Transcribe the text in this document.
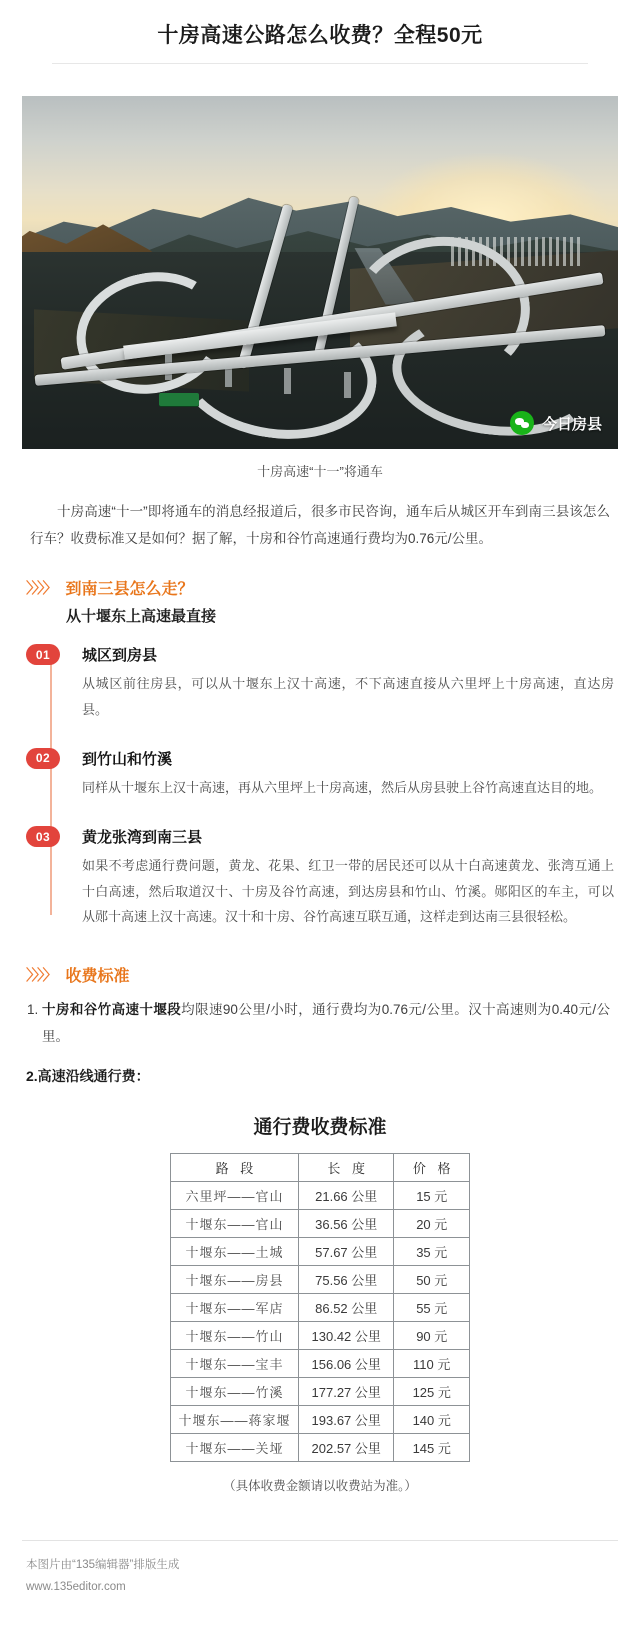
十房高速公路怎么收费？全程50元
今日房县
十房高速“十一”将通车

十房高速“十一”即将通车的消息经报道后，很多市民咨询，通车后从城区开车到南三县该怎么行车？收费标准又是如何？据了解，十房和谷竹高速通行费均为0.76元/公里。

〉〉〉〉 到南三县怎么走？
从十堰东上高速最直接
01	城区到房县
从城区前往房县，可以从十堰东上汉十高速，不下高速直接从六里坪上十房高速，直达房县。
02	到竹山和竹溪
同样从十堰东上汉十高速，再从六里坪上十房高速，然后从房县驶上谷竹高速直达目的地。
03	黄龙张湾到南三县
如果不考虑通行费问题，黄龙、花果、红卫一带的居民还可以从十白高速黄龙、张湾互通上十白高速，然后取道汉十、十房及谷竹高速，到达房县和竹山、竹溪。郧阳区的车主，可以从郧十高速上汉十高速。汉十和十房、谷竹高速互联互通，这样走到达南三县很轻松。
〉〉〉〉 收费标准
1. 十房和谷竹高速十堰段均限速90公里/小时，通行费均为0.76元/公里。汉十高速则为0.40元/公里。
2.高速沿线通行费：
通行费收费标准
路 段	长 度	价 格
六里坪——官山	21.66 公里	15 元
十堰东——官山	36.56 公里	20 元
十堰东——土城	57.67 公里	35 元
十堰东——房县	75.56 公里	50 元
十堰东——军店	86.52 公里	55 元
十堰东——竹山	130.42 公里	90 元
十堰东——宝丰	156.06 公里	110 元
十堰东——竹溪	177.27 公里	125 元
十堰东——蒋家堰	193.67 公里	140 元
十堰东——关垭	202.57 公里	145 元
（具体收费金额请以收费站为准。）
本图片由“135编辑器”排版生成
www.135editor.com
